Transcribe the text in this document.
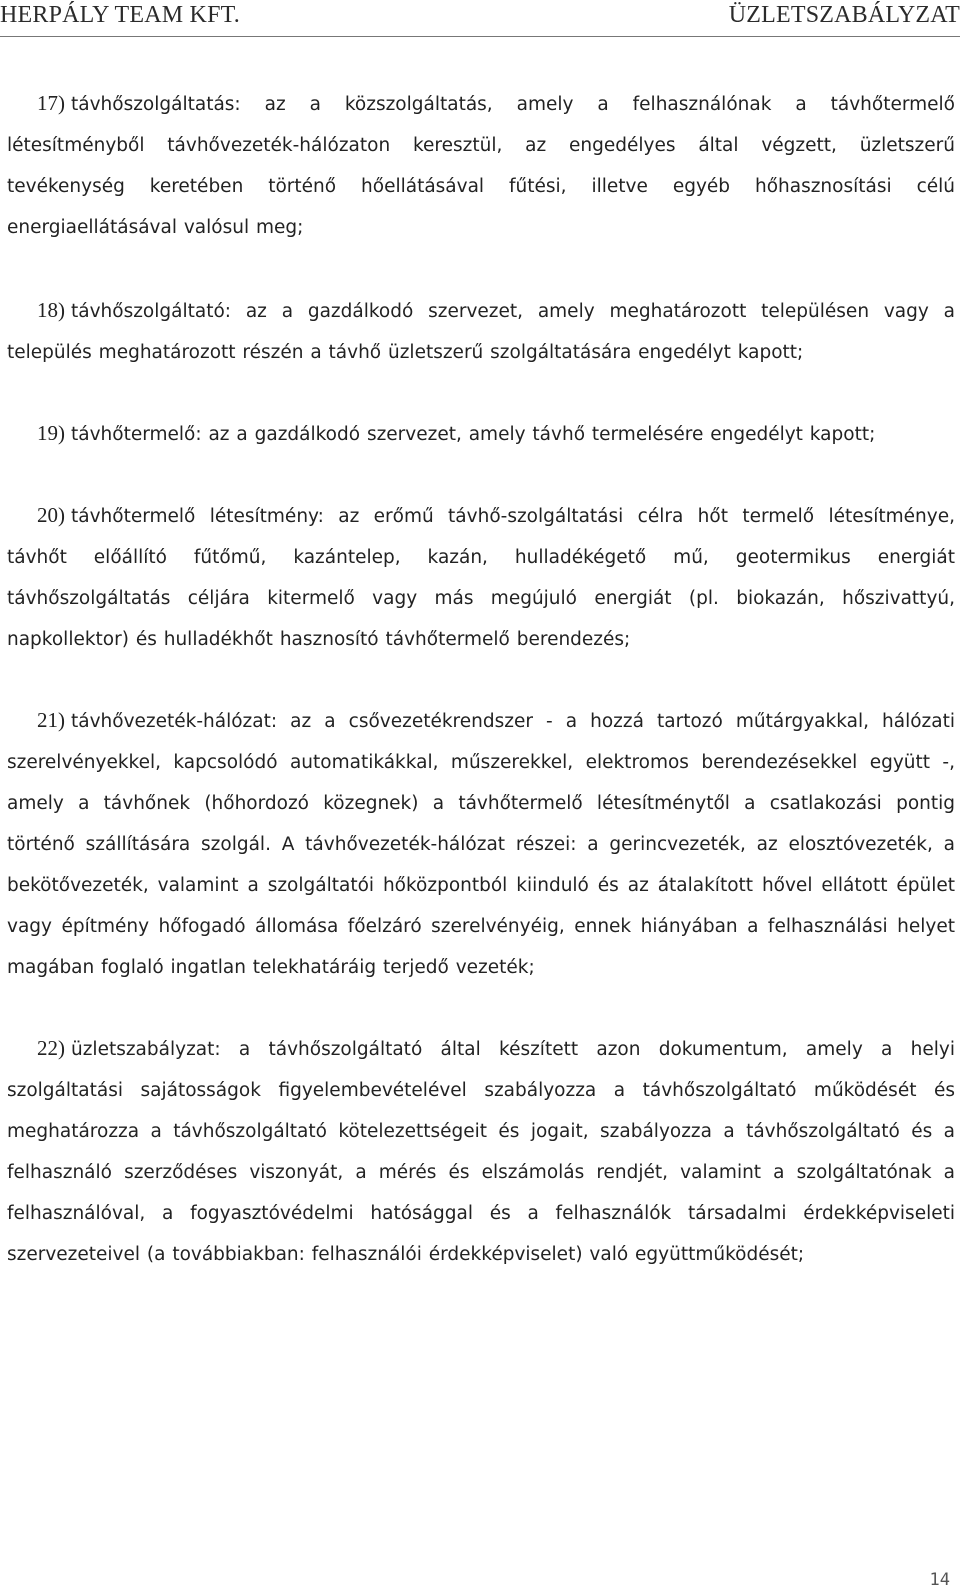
HERPÁLY TEAM KFT.	ÜZLETSZABÁLYZAT

17) távhőszolgáltatás: az a közszolgáltatás, amely a felhasználónak a távhőtermelő létesítményből távhővezeték-hálózaton keresztül, az engedélyes által végzett, üzletszerű tevékenység keretében történő hőellátásával fűtési, illetve egyéb hőhasznosítási célú energiaellátásával valósul meg;

18) távhőszolgáltató: az a gazdálkodó szervezet, amely meghatározott településen vagy a település meghatározott részén a távhő üzletszerű szolgáltatására engedélyt kapott;

19) távhőtermelő: az a gazdálkodó szervezet, amely távhő termelésére engedélyt kapott;

20) távhőtermelő létesítmény: az erőmű távhő-szolgáltatási célra hőt termelő létesítménye, távhőt előállító fűtőmű, kazántelep, kazán, hulladékégető mű, geotermikus energiát távhőszolgáltatás céljára kitermelő vagy más megújuló energiát (pl. biokazán, hőszivattyú, napkollektor) és hulladékhőt hasznosító távhőtermelő berendezés;

21) távhővezeték-hálózat: az a csővezetékrendszer - a hozzá tartozó műtárgyakkal, hálózati szerelvényekkel, kapcsolódó automatikákkal, műszerekkel, elektromos berendezésekkel együtt -, amely a távhőnek (hőhordozó közegnek) a távhőtermelő létesítménytől a csatlakozási pontig történő szállítására szolgál. A távhővezeték-hálózat részei: a gerincvezeték, az elosztóvezeték, a bekötővezeték, valamint a szolgáltatói hőközpontból kiinduló és az átalakított hővel ellátott épület vagy építmény hőfogadó állomása főelzáró szerelvényéig, ennek hiányában a felhasználási helyet magában foglaló ingatlan telekhatáráig terjedő vezeték;

22) üzletszabályzat: a távhőszolgáltató által készített azon dokumentum, amely a helyi szolgáltatási sajátosságok figyelembevételével szabályozza a távhőszolgáltató működését és meghatározza a távhőszolgáltató kötelezettségeit és jogait, szabályozza a távhőszolgáltató és a felhasználó szerződéses viszonyát, a mérés és elszámolás rendjét, valamint a szolgáltatónak a felhasználóval, a fogyasztóvédelmi hatósággal és a felhasználók társadalmi érdekképviseleti szervezeteivel (a továbbiakban: felhasználói érdekképviselet) való együttműködését;

14
